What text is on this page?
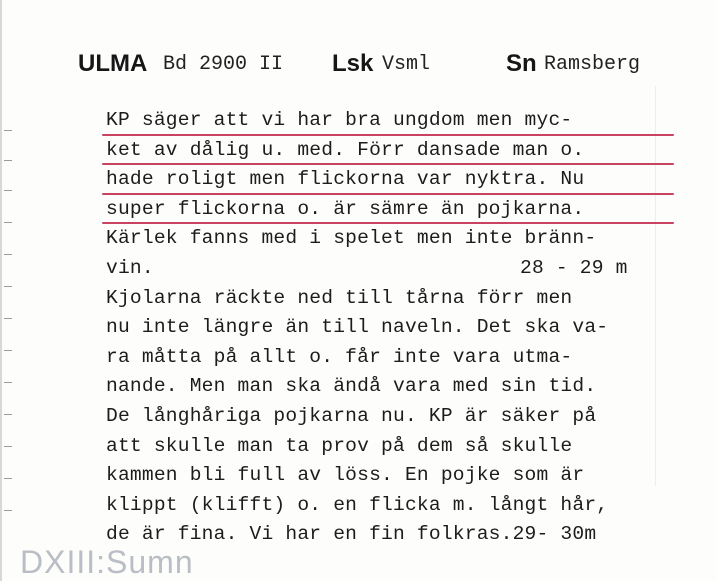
ULMA Bd 2900 II Lsk Vsml	Sn Ramsberg
KP säger att vi har bra ungdom men myc-
ket av dålig u. med. Förr dansade man o.
hade roligt men flickorna var nyktra. Nu
super flickorna o. är sämre än pojkarna.
Kärlek fanns med i spelet men inte bränn-
vin.	28 - 29 m
Kjolarna räckte ned till tårna förr men
nu inte längre än till naveln. Det ska va-
ra måtta på allt o. får inte vara utma-
nande. Men man ska ändå vara med sin tid.
De långhåriga pojkarna nu. KP är säker på
att skulle man ta prov på dem så skulle
kammen bli full av löss. En pojke som är
klippt (klifft) o. en flicka m. långt hår,
de är fina. Vi har en fin folkras.29- 30m
DXIII:Sumn
